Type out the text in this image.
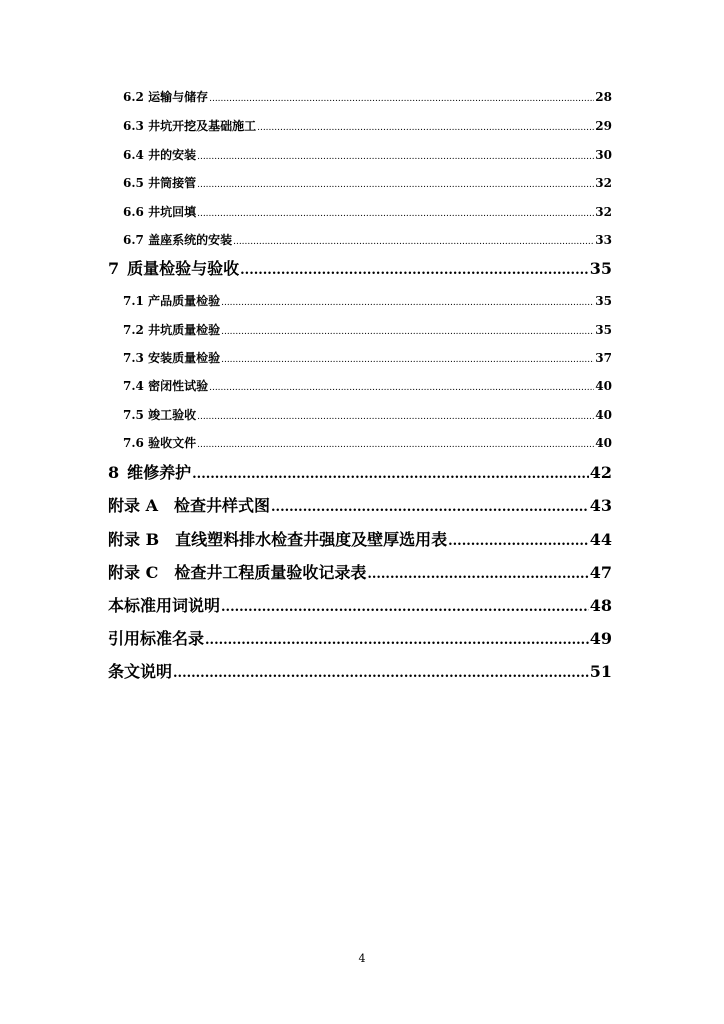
6.2 运输与储存 .....	28
6.3 井坑开挖及基础施工 .....	29
6.4 井的安装 .....	30
6.5 井筒接管 .....	32
6.6 井坑回填 .....	32
6.7 盖座系统的安装 .....	33
7 质量检验与验收 .....	35
7.1 产品质量检验 .....	35
7.2 井坑质量检验 .....	35
7.3 安装质量检验 .....	37
7.4 密闭性试验 .....	40
7.5 竣工验收 .....	40
7.6 验收文件 .....	40
8 维修养护 .....	42
附录 A 检查井样式图 .....	43
附录 B 直线塑料排水检查井强度及壁厚选用表 .....	44
附录 C 检查井工程质量验收记录表 .....	47
本标准用词说明 .....	48
引用标准名录 .....	49
条文说明 .....	51
4
